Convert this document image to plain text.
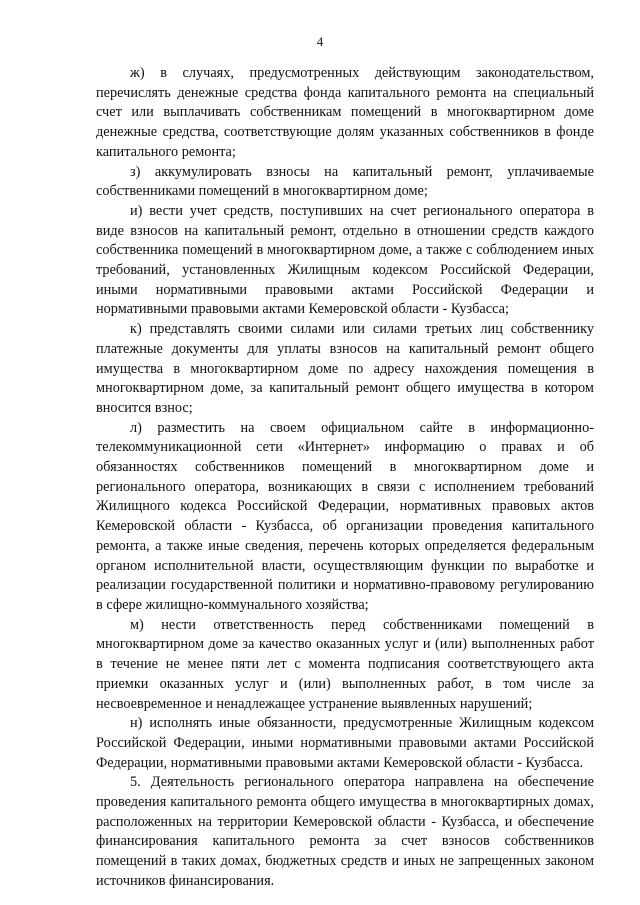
4

ж) в случаях, предусмотренных действующим законодательством, перечислять денежные средства фонда капитального ремонта на специальный счет или выплачивать собственникам помещений в многоквартирном доме денежные средства, соответствующие долям указанных собственников в фонде капитального ремонта;

з) аккумулировать взносы на капитальный ремонт, уплачиваемые собственниками помещений в многоквартирном доме;

и) вести учет средств, поступивших на счет регионального оператора в виде взносов на капитальный ремонт, отдельно в отношении средств каждого собственника помещений в многоквартирном доме, а также с соблюдением иных требований, установленных Жилищным кодексом Российской Федерации, иными нормативными правовыми актами Российской Федерации и нормативными правовыми актами Кемеровской области - Кузбасса;

к) представлять своими силами или силами третьих лиц собственнику платежные документы для уплаты взносов на капитальный ремонт общего имущества в многоквартирном доме по адресу нахождения помещения в многоквартирном доме, за капитальный ремонт общего имущества в котором вносится взнос;

л) разместить на своем официальном сайте в информационно-телекоммуникационной сети «Интернет» информацию о правах и об обязанностях собственников помещений в многоквартирном доме и регионального оператора, возникающих в связи с исполнением требований Жилищного кодекса Российской Федерации, нормативных правовых актов Кемеровской области - Кузбасса, об организации проведения капитального ремонта, а также иные сведения, перечень которых определяется федеральным органом исполнительной власти, осуществляющим функции по выработке и реализации государственной политики и нормативно-правовому регулированию в сфере жилищно-коммунального хозяйства;

м) нести ответственность перед собственниками помещений в многоквартирном доме за качество оказанных услуг и (или) выполненных работ в течение не менее пяти лет с момента подписания соответствующего акта приемки оказанных услуг и (или) выполненных работ, в том числе за несвоевременное и ненадлежащее устранение выявленных нарушений;

н) исполнять иные обязанности, предусмотренные Жилищным кодексом Российской Федерации, иными нормативными правовыми актами Российской Федерации, нормативными правовыми актами Кемеровской области - Кузбасса.

5. Деятельность регионального оператора направлена на обеспечение проведения капитального ремонта общего имущества в многоквартирных домах, расположенных на территории Кемеровской области - Кузбасса, и обеспечение финансирования капитального ремонта за счет взносов собственников помещений в таких домах, бюджетных средств и иных не запрещенных законом источников финансирования.
